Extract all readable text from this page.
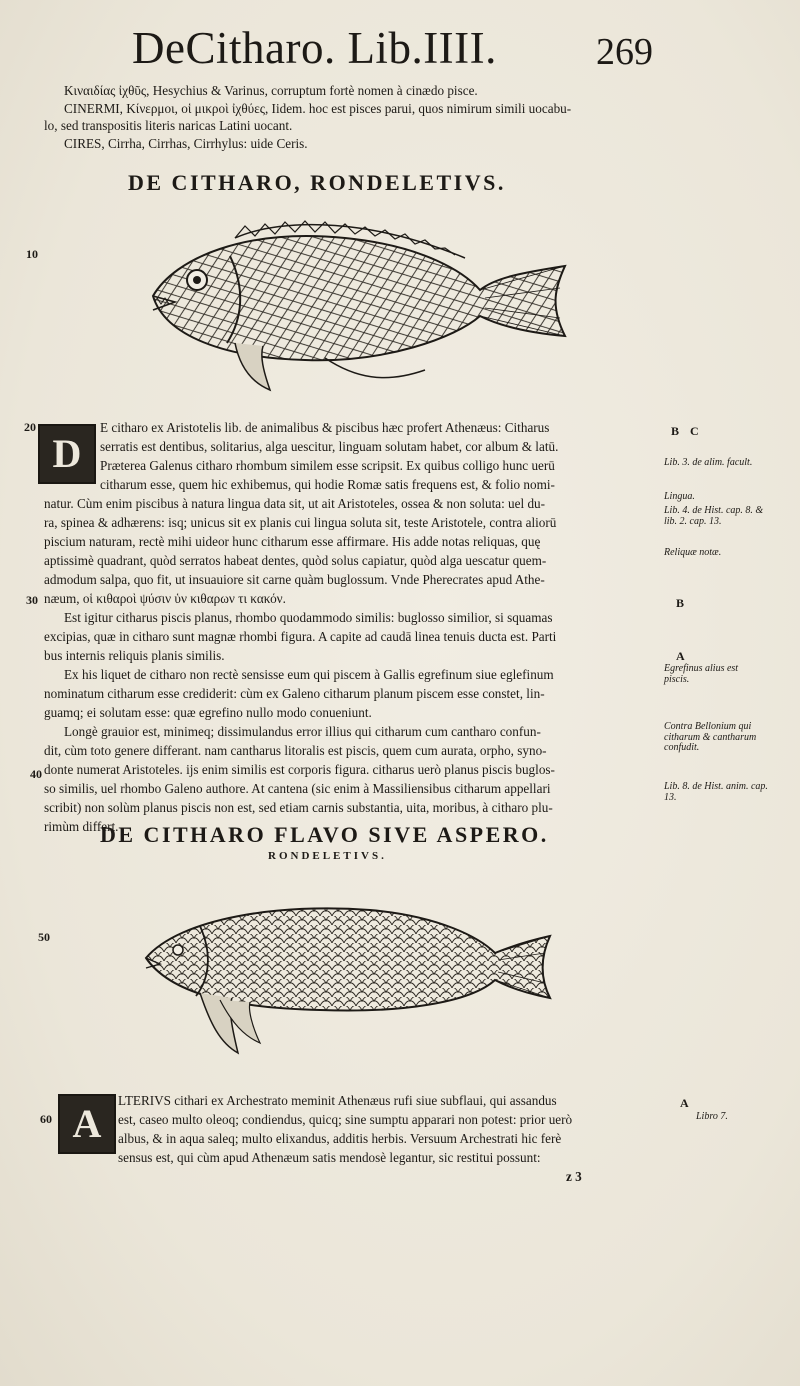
DeCitharo. Lib.IIII.	269
Κιναιδίας ἰχθῦς, Hesychius & Varinus, corruptum fortè nomen à cinædo pisce.
CINERMI, Κίνερμοι, οἱ μικροὶ ἰχθύες, Iidem. hoc est pisces parui, quos nimirum simili uocabu-
lo, sed transpositis literis naricas Latini uocant.
CIRES, Cirrha, Cirrhas, Cirrhylus: uide Ceris.
DE CITHARO, RONDELETIVS.
10
20
D
E citharo ex Aristotelis lib. de animalibus & piscibus hæc profert Athenæus: Citharus
serratis est dentibus, solitarius, alga uescitur, linguam solutam habet, cor album & latū.
Præterea Galenus citharo rhombum similem esse scripsit. Ex quibus colligo hunc uerū
citharum esse, quem hic exhibemus, qui hodie Romæ satis frequens est, & folio nomi-
natur. Cùm enim piscibus à natura lingua data sit, ut ait Aristoteles, ossea & non soluta: uel du-
ra, spinea & adhærens: isq; unicus sit ex planis cui lingua soluta sit, teste Aristotele, contra aliorū
piscium naturam, rectè mihi uideor hunc citharum esse affirmare. His adde notas reliquas, quę
aptissimè quadrant, quòd serratos habeat dentes, quòd solus capiatur, quòd alga uescatur quem-
admodum salpa, quo fit, ut insuauiore sit carne quàm buglossum. Vnde Pherecrates apud Athe-
næum, οἱ κιθαροὶ ψύσιν ὑν κιθαρων τι κακόν.
30
Est igitur citharus piscis planus, rhombo quodammodo similis: buglosso similior, si squamas
excipias, quæ in citharo sunt magnæ rhombi figura. A capite ad caudā linea tenuis ducta est. Parti
bus internis reliquis planis similis.
Ex his liquet de citharo non rectè sensisse eum qui piscem à Gallis egrefinum siue eglefinum
nominatum citharum esse crediderit: cùm ex Galeno citharum planum piscem esse constet, lin-
guamq; ei solutam esse: quæ egrefino nullo modo conueniunt.
Longè grauior est, minimeq; dissimulandus error illius qui citharum cum cantharo confun-
dit, cùm toto genere differant. nam cantharus litoralis est piscis, quem cum aurata, orpho, syno-
donte numerat Aristoteles. ijs enim similis est corporis figura. citharus uerò planus piscis buglos-
so similis, uel rhombo Galeno authore. At cantena (sic enim à Massiliensibus citharum appellari
scribit) non solùm planus piscis non est, sed etiam carnis substantia, uita, moribus, à citharo plu-
rimùm differt.
40
B C
B
A
A
Lib. 3. de alim. facult.
Lingua.
Lib. 4. de Hist. cap. 8. & lib. 2. cap. 13.
Reliquæ notæ.
Egrefinus alius est piscis.
Contra Bellonium qui citharum & cantharum confudit.
Lib. 8. de Hist. anim. cap. 13.
Libro 7.
DE CITHARO FLAVO SIVE ASPERO.
RONDELETIVS.
50
60 A
LTERIVS cithari ex Archestrato meminit Athenæus rufi siue subflaui, qui assandus
est, caseo multo oleoq; condiendus, quicq; sine sumptu apparari non potest: prior uerò
albus, & in aqua saleq; multo elixandus, additis herbis. Versuum Archestrati hic ferè
sensus est, qui cùm apud Athenæum satis mendosè legantur, sic restitui possunt:
z 3
